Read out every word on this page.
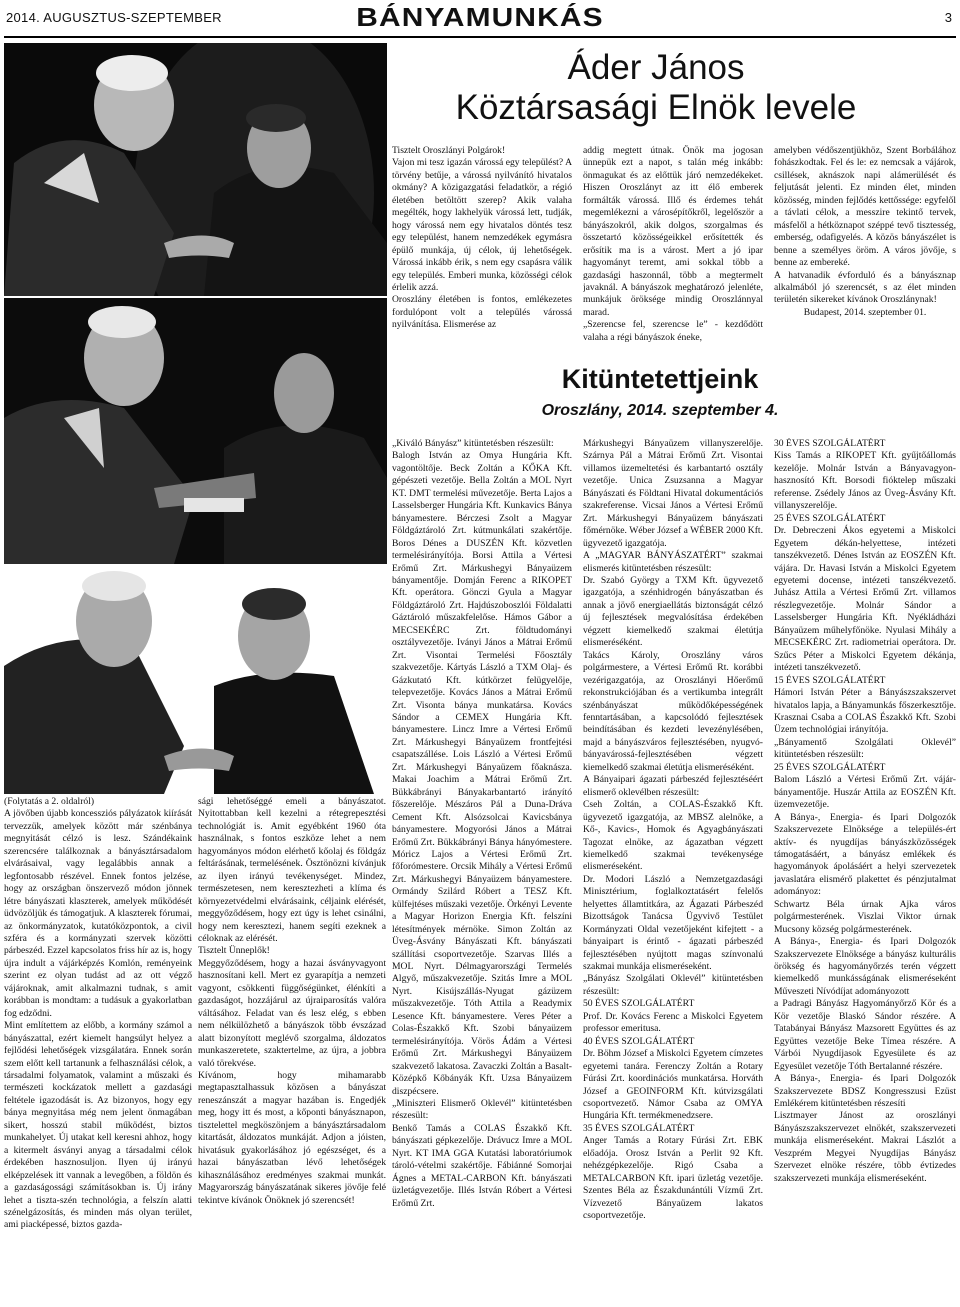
2014. AUGUSZTUS-SZEPTEMBER	BÁNYAMUNKÁS	3
Áder János
Köztársasági Elnök levele
Tisztelt Oroszlányi Polgárok!
Vajon mi tesz igazán várossá egy települést? A törvény betűje, a várossá nyilvánító hivatalos okmány? A közigazgatási feladatkör, a régió életében betöltött szerep? Akik valaha megélték, hogy lakhelyük várossá lett, tudják, hogy várossá nem egy hivatalos döntés tesz egy települést, hanem nemzedékek egymásra épülő munkája, új célok, új lehetőségek. Várossá inkább érik, s nem egy csapásra válik egy település. Emberi munka, közösségi célok érlelik azzá.
Oroszlány életében is fontos, emlékezetes fordulópont volt a település várossá nyilvánítása. Elismerése az
addig megtett útnak. Önök ma jogosan ünnepük ezt a napot, s talán még inkább: önmagukat és az előttük járó nemzedékeket. Hiszen Oroszlányt az itt élő emberek formálták várossá. Illő és érdemes tehát megemlékezni a városépítőkről, legelőször a bányászokról, akik dolgos, szorgalmas és összetartó közösségeikkel erősítették és erősítik ma is a várost. Mert a jó ipar hagyományt teremt, ami sokkal több a gazdasági haszonnál, több a megtermelt javaknál. A bányászok meghatározó jelenléte, munkájuk öröksége mindig Oroszlánnyal marad.
„Szerencse fel, szerencse le” - kezdődött valaha a régi bányászok éneke,
amelyben védőszentjükhöz, Szent Borbálához fohászkodtak. Fel és le: ez nemcsak a vájárok, csillések, aknászok napi alámerülését és feljutását jelenti. Ez minden élet, minden közösség, minden fejlődés kettőssége: egyfelől a távlati célok, a messzire tekintő tervek, másfelől a hétköznapot széppé tevő tisztesség, emberség, odafigyelés. A közös bányászélet is benne a személyes öröm. A város jövője, s benne az embereké.
A hatvanadik évforduló és a bányásznap alkalmából jó szerencsét, s az élet minden területén sikereket kívánok Oroszlánynak!
Budapest, 2014. szeptember 01.
Kitüntetettjeink
Oroszlány, 2014. szeptember 4.
„Kiváló Bányász” kitüntetésben részesült:
Balogh István az Omya Hungária Kft. vagontöltője. Beck Zoltán a KŐKA Kft. gépészeti vezetője. Bella Zoltán a MOL Nyrt KT. DMT termelési művezetője. Berta Lajos a Lasselsberger Hungária Kft. Kunkavics Bánya bányamestere. Bérczesi Zsolt a Magyar Földgáztároló Zrt. kútmunkálati szakértője. Boros Dénes a DUSZÉN Kft. közvetlen termelésirányítója. Borsi Attila a Vértesi Erőmű Zrt. Márkushegyi Bányaüzem bányamentője. Domján Ferenc a RIKOPET Kft. operátora. Gönczi Gyula a Magyar Földgáztároló Zrt. Hajdúszoboszlói Földalatti Gáztároló műszakfelelőse. Hámos Gábor a MECSEKÉRC Zrt. földtudományi osztályvezetője. Iványi János a Mátrai Erőmű Zrt. Visontai Termelési Főosztály szakvezetője. Kártyás László a TXM Olaj- és Gázkutató Kft. kútkörzet felügyelője, telepvezetője. Kovács János a Mátrai Erőmű Zrt. Visonta bánya munkatársa. Kovács Sándor a CEMEX Hungária Kft. bányamestere. Lincz Imre a Vértesi Erőmű Zrt. Márkushegyi Bányaüzem frontfejtési csapatszállése. Lois László a Vértesi Erőmű Zrt. Márkushegyi Bányaüzem főaknásza. Makai Joachim a Mátrai Erőmű Zrt. Bükkábrányi Bányakarbantartó irányító főszerelője. Mészáros Pál a Duna-Dráva Cement Kft. Alsózsolcai Kavicsbánya bányamestere. Mogyorósi János a Mátrai Erőmű Zrt. Bükkábrányi Bánya hányómestere. Móricz Lajos a Vértesi Erőmű Zrt. főforómestere. Orcsik Mihály a Vértesi Erőmű Zrt. Márkushegyi Bányaüzem bányamestere. Ormándy Szilárd Róbert a TESZ Kft. külfejtéses műszaki vezetője. Örkényi Levente a Magyar Horizon Energia Kft. felszíni létesítmények mérnöke. Simon Zoltán az Üveg-Ásvány Bányászati Kft. bányászati szállítási csoportvezetője. Szarvas Illés a MOL Nyrt. Délmagyarországi Termelés Algyő, műszakvezetője. Szitás Imre a MOL Nyrt. Kisújszállás-Nyugat gázüzem műszakvezetője. Tóth Attila a Readymix Lesence Kft. bányamestere. Veres Péter a Colas-Északkő Kft. Szobi bányaüzem termelésirányítója. Vörös Ádám a Vértesi Erőmű Zrt. Márkushegyi Bányaüzem szakvezető lakatosa. Zavaczki Zoltán a Basalt-Középkő Kőbányák Kft. Uzsa Bányaüzem diszpécsere.
„Miniszteri Elismerő Oklevél” kitüntetésben részesült:
Benkő Tamás a COLAS Északkő Kft. bányászati gépkezelője. Drávucz Imre a MOL Nyrt. KT IMA GGA Kutatási laboratóriumok tároló-vételmi szakértője. Fábiánné Somorjai Ágnes a METAL-CARBON Kft. bányászati üzletágvezetője. Illés István Róbert a Vértesi Erőmű Zrt.
Márkushegyi Bányaüzem villanyszerelője. Szárnya Pál a Mátrai Erőmű Zrt. Visontai villamos üzemeltetési és karbantartó osztály vezetője. Unica Zsuzsanna a Magyar Bányászati és Földtani Hivatal dokumentációs szakreferense. Vicsai János a Vértesi Erőmű Zrt. Márkushegyi Bányaüzem bányászati főmérnöke. Wéber József a WÉBER 2000 Kft. ügyvezető igazgatója.
A „MAGYAR BÁNYÁSZATÉRT” szakmai elismerés kitüntetésben részesült:
Dr. Szabó György a TXM Kft. ügyvezető igazgatója, a szénhidrogén bányászatban és annak a jövő energiaellátás biztonságát célzó új fejlesztések megvalósítása érdekében végzett kiemelkedő szakmai életútja elismeréséként.
Takács Károly, Oroszlány város polgármestere, a Vértesi Erőmű Rt. korábbi vezérigazgatója, az Oroszlányi Hőerőmű rekonstrukciójában és a vertikumba integrált szénbányászat működőképességének fenntartásában, a kapcsolódó fejlesztések beindításában és kezdeti levezénylésében, majd a bányászváros fejlesztésében, nyugvó-bányavárossá-fejlesztésében végzett kiemelkedő szakmai életútja elismeréséként.
A Bányaipari ágazati párbeszéd fejlesztéséért elismerő oklevélben részesült:
Cseh Zoltán, a COLAS-Északkő Kft. ügyvezető igazgatója, az MBSZ alelnöke, a Kő-, Kavics-, Homok és Agyagbányászati Tagozat elnöke, az ágazatban végzett kiemelkedő szakmai tevékenysége elismeréseként.
Dr. Modori László a Nemzetgazdasági Minisztérium, foglalkoztatásért felelős helyettes államtitkára, az Ágazati Párbeszéd Bizottságok Tanácsa Ügyvivő Testület Kormányzati Oldal vezetőjeként kifejtett - a bányaipart is érintő - ágazati párbeszéd fejlesztésében nyújtott magas színvonalú szakmai munkája elismeréseként.
„Bányász Szolgálati Oklevél” kitüntetésben részesült:
50 ÉVES SZOLGÁLATÉRT
Prof. Dr. Kovács Ferenc a Miskolci Egyetem professor emeritusa.
40 ÉVES SZOLGÁLATÉRT
Dr. Böhm József a Miskolci Egyetem címzetes egyetemi tanára. Ferenczy Zoltán a Rotary Fúrási Zrt. koordinációs munkatársa. Horváth József a GEOINFORM Kft. kútvizsgálati csoportvezető. Námor Csaba az OMYA Hungária Kft. termékmenedzsere.
35 ÉVES SZOLGÁLATÉRT
Anger Tamás a Rotary Fúrási Zrt. EBK előadója. Orosz István a Perlit 92 Kft. nehézgépkezelője. Rigó Csaba a METALCARBON Kft. ipari üzletág vezetője. Szentes Béla az Északdunántúli Vízmű Zrt. Vízvezető Bányaüzem lakatos csoportvezetője.
30 ÉVES SZOLGÁLATÉRT
Kiss Tamás a RIKOPET Kft. gyűjtőállomás kezelője. Molnár István a Bányavagyon-hasznosító Kft. Borsodi fióktelep műszaki referense. Zsédely János az Üveg-Ásvány Kft. villanyszerelője.
25 ÉVES SZOLGÁLATÉRT
Dr. Debreczeni Ákos egyetemi a Miskolci Egyetem dékán-helyettese, intézeti tanszékvezető. Dénes István az EOSZÉN Kft. vájára. Dr. Havasi István a Miskolci Egyetem egyetemi docense, intézeti tanszékvezető. Juhász Attila a Vértesi Erőmű Zrt. villamos részlegvezetője. Molnár Sándor a Lasselsberger Hungária Kft. Nyékládházi Bányaüzem műhelyfőnöke. Nyulasi Mihály a MECSEKÉRC Zrt. radiometriai operátora. Dr. Szűcs Péter a Miskolci Egyetem dékánja, intézeti tanszékvezető.
15 ÉVES SZOLGÁLATÉRT
Hámori István Péter a Bányászszakszervet hivatalos lapja, a Bányamunkás főszerkesztője. Krasznai Csaba a COLAS Északkő Kft. Szobi Üzem technológiai irányítója.
„Bányamentő Szolgálati Oklevél” kitüntetésben részesült:
25 ÉVES SZOLGÁLATÉRT
Balom László a Vértesi Erőmű Zrt. vájár-bányamentője. Huszár Attila az EOSZÉN Kft. üzemvezetője.
A Bánya-, Energia- és Ipari Dolgozók Szakszervezete Elnöksége a település-ért aktív- és nyugdíjas bányászközösségek támogatásáért, a bányász emlékek és hagyományok ápolásáért a helyi szervezetek javaslatára elismérő plakettet és pénzjutalmat adományoz:
Schwartz Béla úrnak Ajka város polgármesterének. Viszlai Viktor úrnak Mucsony község polgármesterének.
A Bánya-, Energia- és Ipari Dolgozók Szakszervezete Elnöksége a bányász kulturális örökség és hagyományőrzés terén végzett kiemelkedő munkásságának elismeréseként Műveszeti Nívódíjat adományozott
a Padragi Bányász Hagyományőrző Kör és a Kör vezetője Blaskó Sándor részére. A Tatabányai Bányász Mazsorett Együttes és az Együttes vezetője Beke Tímea részére. A Várbói Nyugdíjasok Egyesülete és az Egyesület vezetője Tóth Bertalanné részére.
A Bánya-, Energia- és Ipari Dolgozók Szakszervezete BDSZ Kongresszusi Ezüst Emlékérem kitüntetésben részesíti
Lisztmayer Jánost az oroszlányi Bányászszakszervezet elnökét, szakszervezeti munkája elismeréseként. Makrai Lászlót a Veszprém Megyei Nyugdíjas Bányász Szervezet elnöke részére, több évtizedes szakszervezeti munkája elismeréseként.
(Folytatás a 2. oldalról)
A jövőben újabb koncessziós pályázatok kiírását tervezzük, amelyek között már szénbánya megnyitását célzó is lesz. Szándékaink szerencsére találkoznak a bányásztársadalom elvárásaival, vagy legalábbis annak a legfontosabb részével. Ennek fontos jelzése, hogy az országban önszervező módon jönnek létre bányászati klaszterek, amelyek működését üdvözöljük és támogatjuk. A klaszterek fórumai, az önkormányzatok, kutatóközpontok, a civil szféra és a kormányzati szervek közötti párbeszéd. Ezzel kapcsolatos friss hír az is, hogy újra indult a vájárképzés Komlón, reményeink szerint ez olyan tudást ad az ott végző vájároknak, amit alkalmazni tudnak, s amit korábban is mondtam: a tudásuk a gyakorlatban fog edződni.
Mint említettem az előbb, a kormány számol a bányászattal, ezért kiemelt hangsúlyt helyez a fejlődési lehetőségek vizsgálatára. Ennek során szem előtt kell tartanunk a felhasználási célok, a társadalmi folyamatok, valamint a műszaki és természeti kockázatok mellett a gazdasági feltétele igazodását is. Az bizonyos, hogy egy bánya megnyitása még nem jelent önmagában sikert, hosszú stabil működést, biztos munkahelyet. Új utakat kell keresni ahhoz, hogy a kitermelt ásványi anyag a társadalmi célok érdekében hasznosuljon. Ilyen új irányú elképzelések itt vannak a levegőben, a földön és a gazdaságossági számításokban is. Új irány lehet a tiszta-szén technológia, a felszín alatti szénelgázosítás, és minden más olyan terület, ami piacképessé, biztos gazda-
sági lehetőséggé emeli a bányászatot. Nyitottabban kell kezelni a rétegrepesztési technológiát is. Amit egyébként 1960 óta használnak, s fontos eszköze lehet a nem hagyományos módon elérhető kőolaj és földgáz feltárásának, termelésének. Ösztönözni kívánjuk az ilyen irányú tevékenységet. Mindez, természetesen, nem keresztezheti a klíma és környezetvédelmi elvárásaink, céljaink elérését, meggyőződésem, hogy ezt úgy is lehet csinálni, hogy nem keresztezi, hanem segíti ezeknek a céloknak az elérését.
Tisztelt Ünneplők!
Meggyőződésem, hogy a hazai ásványvagyont hasznosítani kell. Mert ez gyarapítja a nemzeti vagyont, csökkenti függőségünket, élénkíti a gazdaságot, hozzájárul az újraiparosítás valóra váltásához. Feladat van és lesz elég, s ebben nem nélkülözhető a bányászok több évszázad alatt bizonyított meglévő szorgalma, áldozatos munkaszeretete, szaktertelme, az újra, a jobbra való törekvése.
Kívánom, hogy mihamarabb megtapasztalhassuk közösen a bányászat reneszánszát a magyar hazában is. Engedjék meg, hogy itt és most, a kőponti bányásznapon, tisztelettel megköszönjem a bányásztársadalom kitartását, áldozatos munkáját. Adjon a jóisten, hivatásuk gyakorlásához jó egészséget, és a hazai bányászatban lévő lehetőségek kihasználásához eredményes szakmai munkát. Magyarország bányászatának sikeres jövője felé tekintve kívánok Önöknek jó szerencsét!
